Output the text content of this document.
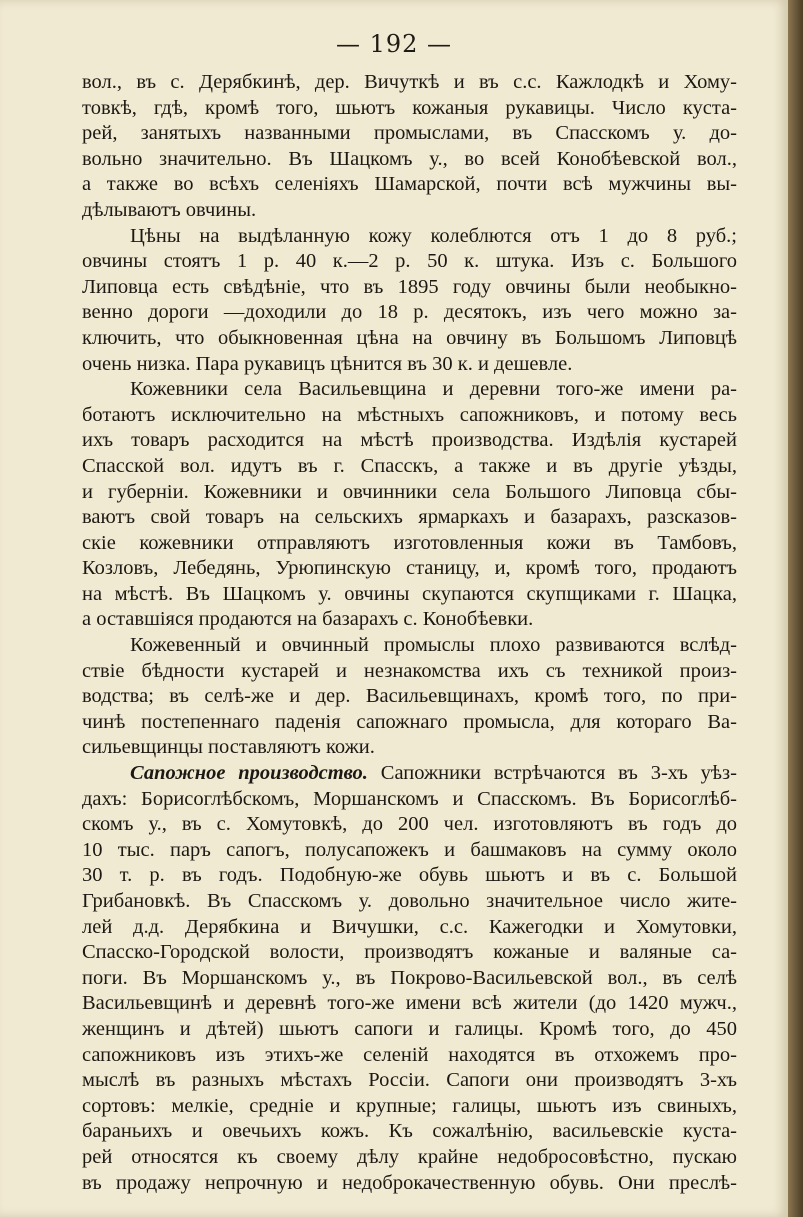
— 192 —
вол., въ с. Дерябкинѣ, дер. Вичуткѣ и въ с.с. Кажлодкѣ и Хому-
товкѣ, гдѣ, кромѣ того, шьютъ кожаныя рукавицы. Число куста-
рей, занятыхъ названными промыслами, въ Спасскомъ у. до-
вольно значительно. Въ Шацкомъ у., во всей Конобѣевской вол.,
а также во всѣхъ селенiяхъ Шамарской, почти всѣ мужчины вы-
дѣлываютъ овчины.
Цѣны на выдѣланную кожу колеблются отъ 1 до 8 руб.;
овчины стоятъ 1 р. 40 к.—2 р. 50 к. штука. Изъ с. Большого
Липовца есть свѣдѣнiе, что въ 1895 году овчины были необыкно-
венно дороги —доходили до 18 р. десятокъ, изъ чего можно за-
ключить, что обыкновенная цѣна на овчину въ Большомъ Липовцѣ
очень низка. Пара рукавицъ цѣнится въ 30 к. и дешевле.
Кожевники села Васильевщина и деревни того-же имени ра-
ботаютъ исключительно на мѣстныхъ сапожниковъ, и потому весь
ихъ товаръ расходится на мѣстѣ производства. Издѣлiя кустарей
Спасской вол. идутъ въ г. Спасскъ, а также и въ другiе уѣзды,
и губернiи. Кожевники и овчинники села Большого Липовца сбы-
ваютъ свой товаръ на сельскихъ ярмаркахъ и базарахъ, разсказов-
скiе кожевники отправляютъ изготовленныя кожи въ Тамбовъ,
Козловъ, Лебедянь, Урюпинскую станицу, и, кромѣ того, продаютъ
на мѣстѣ. Въ Шацкомъ у. овчины скупаются скупщиками г. Шацка,
а оставшiяся продаются на базарахъ с. Конобѣевки.
Кожевенный и овчинный промыслы плохо развиваются вслѣд-
ствiе бѣдности кустарей и незнакомства ихъ съ техникой произ-
водства; въ селѣ-же и дер. Васильевщинахъ, кромѣ того, по при-
чинѣ постепеннаго паденiя сапожнаго промысла, для котораго Ва-
сильевщинцы поставляютъ кожи.
Сапожное производство. Сапожники встрѣчаются въ 3-хъ уѣз-
дахъ: Борисоглѣбскомъ, Моршанскомъ и Спасскомъ. Въ Борисоглѣб-
скомъ у., въ с. Хомутовкѣ, до 200 чел. изготовляютъ въ годъ до
10 тыс. паръ сапогъ, полусапожекъ и башмаковъ на сумму около
30 т. р. въ годъ. Подобную-же обувь шьютъ и въ с. Большой
Грибановкѣ. Въ Спасскомъ у. довольно значительное число жите-
лей д.д. Дерябкина и Вичушки, с.с. Кажегодки и Хомутовки,
Спасско-Городской волости, производятъ кожаные и валяные са-
поги. Въ Моршанскомъ у., въ Покрово-Васильевской вол., въ селѣ
Васильевщинѣ и деревнѣ того-же имени всѣ жители (до 1420 мужч.,
женщинъ и дѣтей) шьютъ сапоги и галицы. Кромѣ того, до 450
сапожниковъ изъ этихъ-же селенiй находятся въ отхожемъ про-
мыслѣ въ разныхъ мѣстахъ Россiи. Сапоги они производятъ 3-хъ
сортовъ: мелкiе, среднiе и крупные; галицы, шьютъ изъ свиныхъ,
бараньихъ и овечьихъ кожъ. Къ сожалѣнiю, васильевскiе куста-
рей относятся къ своему дѣлу крайне недобросовѣстно, пускаю
въ продажу непрочную и недоброкачественную обувь. Они преслѣ-
